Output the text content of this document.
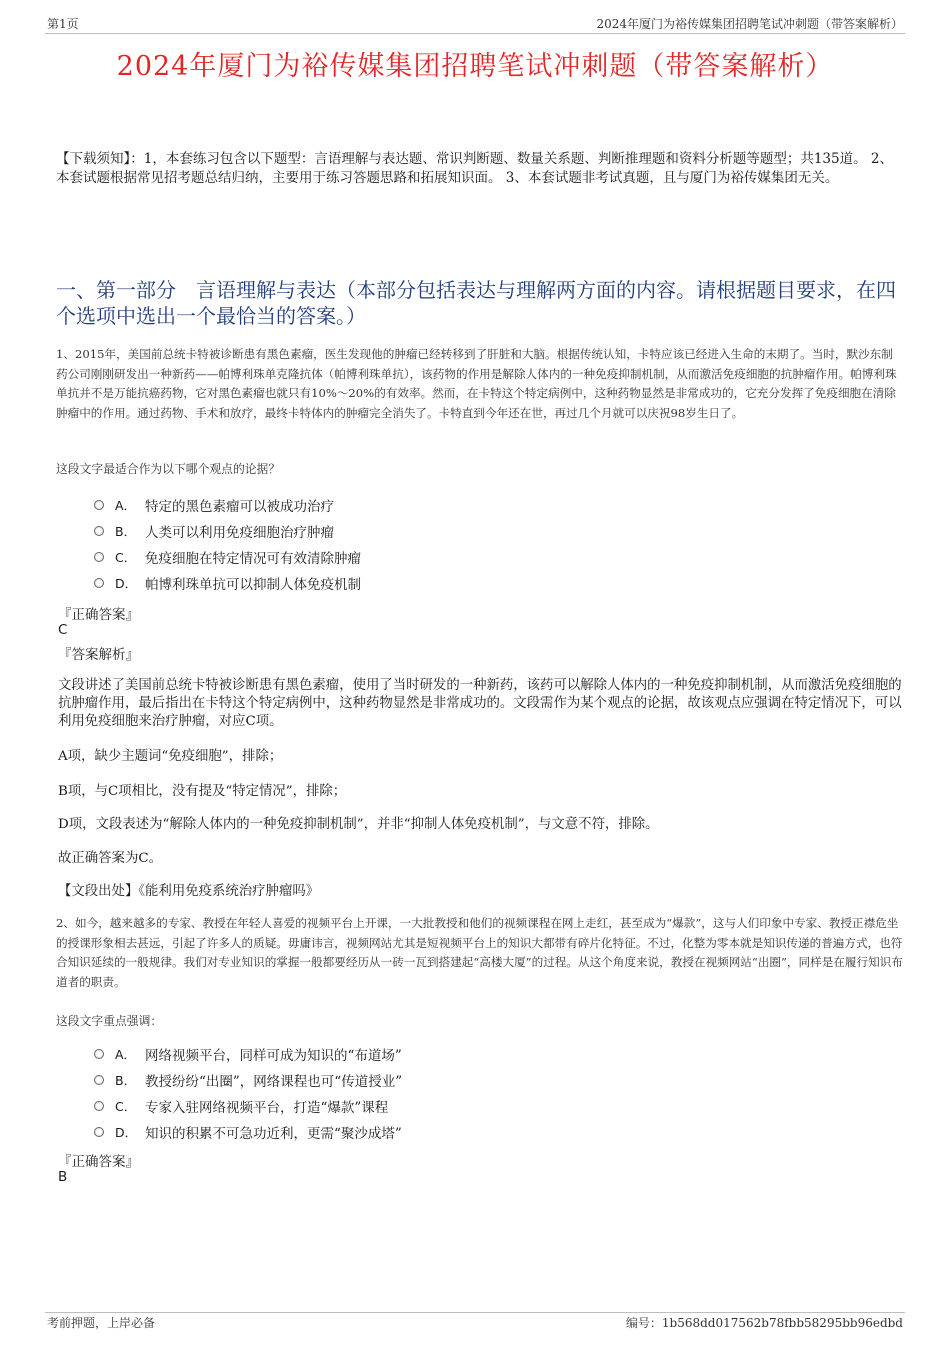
第1页	2024年厦门为裕传媒集团招聘笔试冲刺题（带答案解析）
2024年厦门为裕传媒集团招聘笔试冲刺题（带答案解析）
【下载须知】：1，本套练习包含以下题型：言语理解与表达题、常识判断题、数量关系题、判断推理题和资料分析题等题型；共135道。 2、本套试题根据常见招考题总结归纳，主要用于练习答题思路和拓展知识面。 3、本套试题非考试真题，且与厦门为裕传媒集团无关。
一、第一部分　言语理解与表达（本部分包括表达与理解两方面的内容。请根据题目要求，在四个选项中选出一个最恰当的答案。）
1、2015年，美国前总统卡特被诊断患有黑色素瘤，医生发现他的肿瘤已经转移到了肝脏和大脑。根据传统认知，卡特应该已经进入生命的末期了。当时，默沙东制药公司刚刚研发出一种新药——帕博利珠单克隆抗体（帕博利珠单抗），该药物的作用是解除人体内的一种免疫抑制机制，从而激活免疫细胞的抗肿瘤作用。帕博利珠单抗并不是万能抗癌药物，它对黑色素瘤也就只有10%～20%的有效率。然而，在卡特这个特定病例中，这种药物显然是非常成功的，它充分发挥了免疫细胞在清除肿瘤中的作用。通过药物、手术和放疗，最终卡特体内的肿瘤完全消失了。卡特直到今年还在世，再过几个月就可以庆祝98岁生日了。
这段文字最适合作为以下哪个观点的论据？
A． 特定的黑色素瘤可以被成功治疗
B． 人类可以利用免疫细胞治疗肿瘤
C． 免疫细胞在特定情况可有效清除肿瘤
D． 帕博利珠单抗可以抑制人体免疫机制
『正确答案』
C
『答案解析』
文段讲述了美国前总统卡特被诊断患有黑色素瘤，使用了当时研发的一种新药，该药可以解除人体内的一种免疫抑制机制，从而激活免疫细胞的抗肿瘤作用，最后指出在卡特这个特定病例中，这种药物显然是非常成功的。文段需作为某个观点的论据，故该观点应强调在特定情况下，可以利用免疫细胞来治疗肿瘤，对应C项。
A项，缺少主题词“免疫细胞”，排除；
B项，与C项相比，没有提及“特定情况”，排除；
D项，文段表述为“解除人体内的一种免疫抑制机制”，并非“抑制人体免疫机制”，与文意不符，排除。
故正确答案为C。
【文段出处】《能利用免疫系统治疗肿瘤吗》
2、如今，越来越多的专家、教授在年轻人喜爱的视频平台上开课，一大批教授和他们的视频课程在网上走红，甚至成为“爆款”，这与人们印象中专家、教授正襟危坐的授课形象相去甚远，引起了许多人的质疑。毋庸讳言，视频网站尤其是短视频平台上的知识大都带有碎片化特征。不过，化整为零本就是知识传递的普遍方式，也符合知识延续的一般规律。我们对专业知识的掌握一般都要经历从一砖一瓦到搭建起“高楼大厦”的过程。从这个角度来说，教授在视频网站“出圈”，同样是在履行知识布道者的职责。
这段文字重点强调：
A． 网络视频平台，同样可成为知识的“布道场”
B． 教授纷纷“出圈”，网络课程也可“传道授业”
C． 专家入驻网络视频平台，打造“爆款”课程
D． 知识的积累不可急功近利，更需“聚沙成塔”
『正确答案』
B
考前押题，上岸必备	编号：1b568dd017562b78fbb58295bb96edbd
